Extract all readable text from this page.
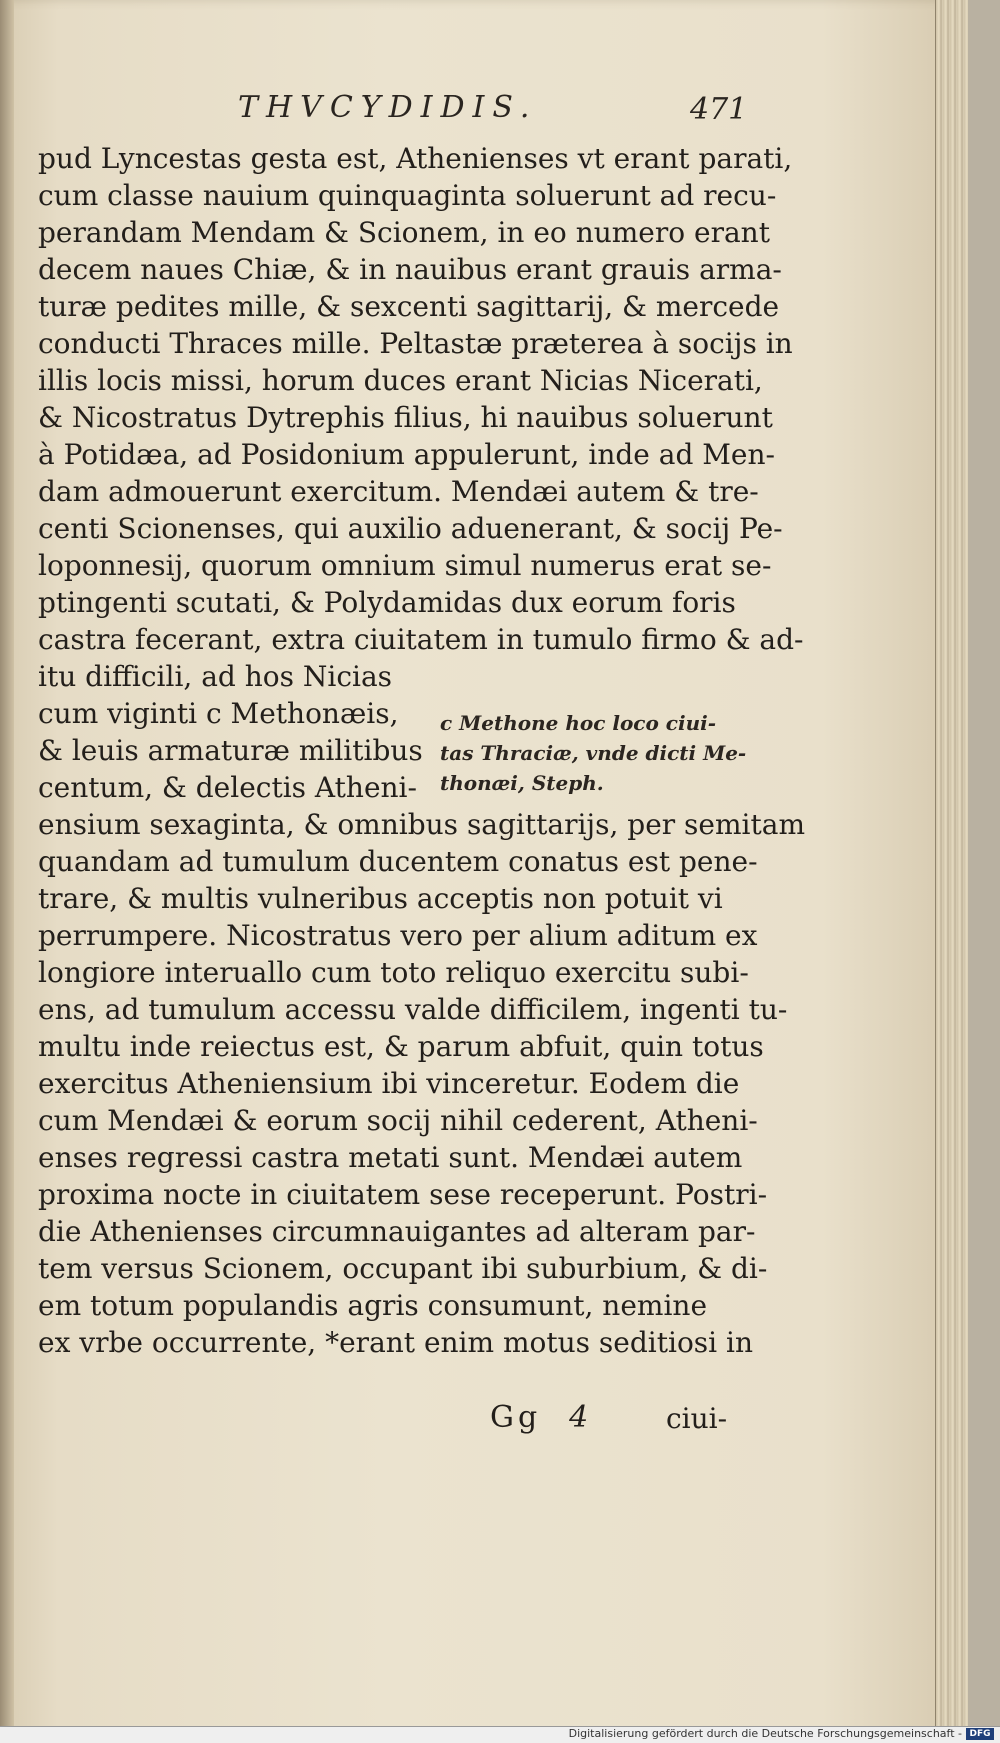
THVCYDIDIS.	471
pud Lyncestas gesta est, Athenienses vt erant parati,
cum classe nauium quinquaginta soluerunt ad recu-
perandam Mendam & Scionem, in eo numero erant
decem naues Chiæ, & in nauibus erant grauis arma-
turæ pedites mille, & sexcenti sagittarij, & mercede
conducti Thraces mille. Peltastæ præterea à socijs in
illis locis missi, horum duces erant Nicias Nicerati,
& Nicostratus Dytrephis filius, hi nauibus soluerunt
à Potidæa, ad Posidonium appulerunt, inde ad Men-
dam admouerunt exercitum. Mendæi autem & tre-
centi Scionenses, qui auxilio aduenerant, & socij Pe-
loponnesij, quorum omnium simul numerus erat se-
ptingenti scutati, & Polydamidas dux eorum foris
castra fecerant, extra ciuitatem in tumulo firmo & ad-
itu difficili, ad hos Nicias
cum viginti c Methonæis,
& leuis armaturæ militibus
centum, & delectis Atheni-
ensium sexaginta, & omnibus sagittarijs, per semitam
quandam ad tumulum ducentem conatus est pene-
trare, & multis vulneribus acceptis non potuit vi
perrumpere. Nicostratus vero per alium aditum ex
longiore interuallo cum toto reliquo exercitu subi-
ens, ad tumulum accessu valde difficilem, ingenti tu-
multu inde reiectus est, & parum abfuit, quin totus
exercitus Atheniensium ibi vinceretur. Eodem die
cum Mendæi & eorum socij nihil cederent, Atheni-
enses regressi castra metati sunt. Mendæi autem
proxima nocte in ciuitatem sese receperunt. Postri-
die Athenienses circumnauigantes ad alteram par-
tem versus Scionem, occupant ibi suburbium, & di-
em totum populandis agris consumunt, nemine
ex vrbe occurrente, *erant enim motus seditiosi in
c Methone hoc loco ciui-
tas Thraciæ, vnde dicti Me-
thonæi, Steph.
Gg 4	ciui-
Digitalisierung gefördert durch die Deutsche Forschungsgemeinschaft - DFG
